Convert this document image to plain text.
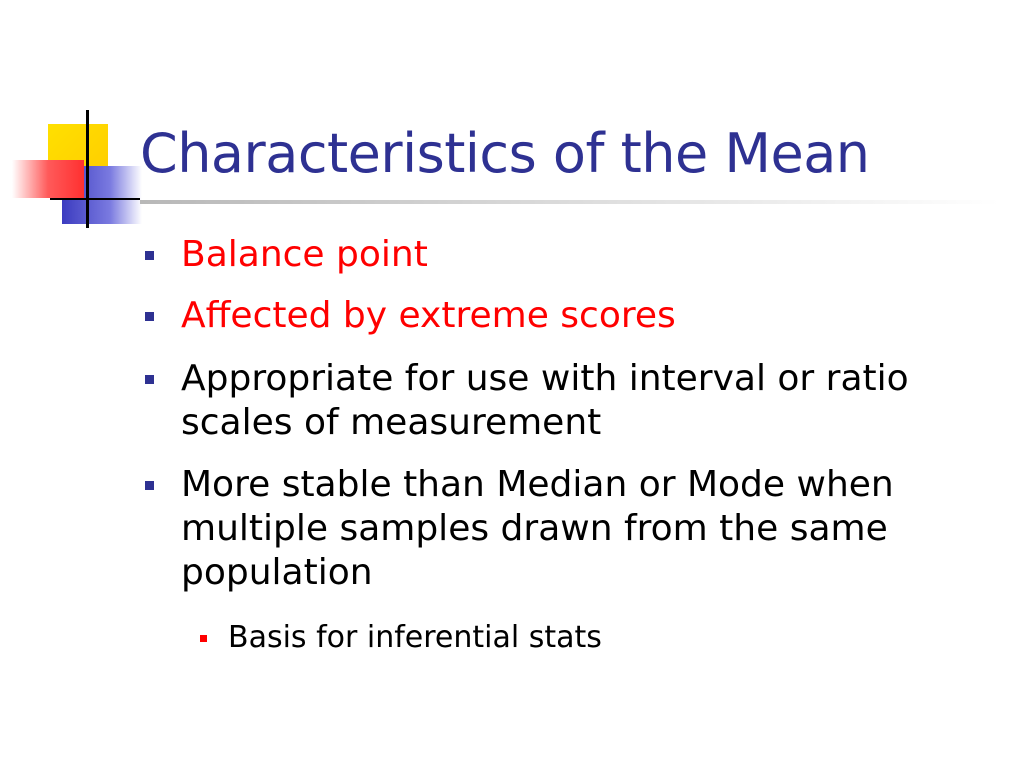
Characteristics of the Mean
Balance point
Affected by extreme scores
Appropriate for use with interval or ratio scales of measurement
More stable than Median or Mode when multiple samples drawn from the same population
Basis for inferential stats
